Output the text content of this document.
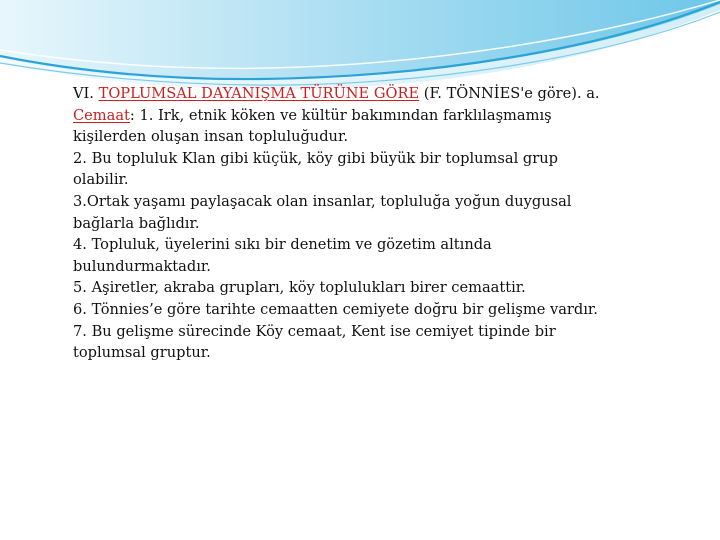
VI. TOPLUMSAL DAYANIŞMA TÜRÜNE GÖRE (F. TÖNNİES'e göre). a.
Cemaat: 1. Irk, etnik köken ve kültür bakımından farklılaşmamış
kişilerden oluşan insan topluluğudur.
2. Bu topluluk Klan gibi küçük, köy gibi büyük bir toplumsal grup
olabilir.
3.Ortak yaşamı paylaşacak olan insanlar, topluluğa yoğun duygusal
bağlarla bağlıdır.
4. Topluluk, üyelerini sıkı bir denetim ve gözetim altında
bulundurmaktadır.
5. Aşiretler, akraba grupları, köy toplulukları birer cemaattir.
6. Tönnies’e göre tarihte cemaatten cemiyete doğru bir gelişme vardır.
7. Bu gelişme sürecinde Köy cemaat, Kent ise cemiyet tipinde bir
toplumsal gruptur.
